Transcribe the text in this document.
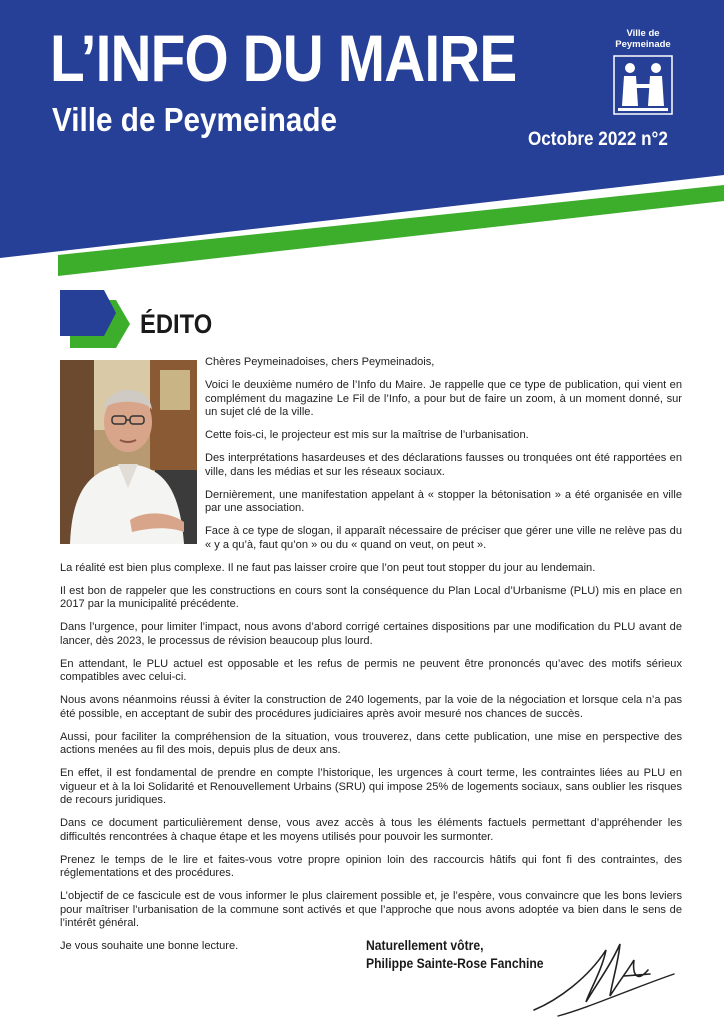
L’INFO DU MAIRE
Ville de Peymeinade
Octobre 2022 n°2
Ville de
Peymeinade
ÉDITO

Chères Peymeinadoises, chers Peymeinadois,

Voici le deuxième numéro de l’Info du Maire. Je rappelle que ce type de publication, qui vient en complément du magazine Le Fil de l’Info, a pour but de faire un zoom, à un moment donné, sur un sujet clé de la ville.

Cette fois-ci, le projecteur est mis sur la maîtrise de l’urbanisation.

Des interprétations hasardeuses et des déclarations fausses ou tronquées ont été rapportées en ville, dans les médias et sur les réseaux sociaux.

Dernièrement, une manifestation appelant à « stopper la bétonisation » a été organisée en ville par une association.

Face à ce type de slogan, il apparaît nécessaire de préciser que gérer une ville ne relève pas du « y a qu’à, faut qu’on » ou du « quand on veut, on peut ».

La réalité est bien plus complexe. Il ne faut pas laisser croire que l’on peut tout stopper du jour au lendemain.

Il est bon de rappeler que les constructions en cours sont la conséquence du Plan Local d’Urbanisme (PLU) mis en place en 2017 par la municipalité précédente.

Dans l’urgence, pour limiter l’impact, nous avons d’abord corrigé certaines dispositions par une modification du PLU avant de lancer, dès 2023, le processus de révision beaucoup plus lourd.

En attendant, le PLU actuel est opposable et les refus de permis ne peuvent être prononcés qu’avec des motifs sérieux compatibles avec celui-ci.

Nous avons néanmoins réussi à éviter la construction de 240 logements, par la voie de la négociation et lorsque cela n’a pas été possible, en acceptant de subir des procédures judiciaires après avoir mesuré nos chances de succès.

Aussi, pour faciliter la compréhension de la situation, vous trouverez, dans cette publication, une mise en perspective des actions menées au fil des mois, depuis plus de deux ans.

En effet, il est fondamental de prendre en compte l’historique, les urgences à court terme, les contraintes liées au PLU en vigueur et à la loi Solidarité et Renouvellement Urbains (SRU) qui impose 25% de logements sociaux, sans oublier les risques de recours juridiques.

Dans ce document particulièrement dense, vous avez accès à tous les éléments factuels permettant d’appréhender les difficultés rencontrées à chaque étape et les moyens utilisés pour pouvoir les surmonter.

Prenez le temps de le lire et faites-vous votre propre opinion loin des raccourcis hâtifs qui font fi des contraintes, des réglementations et des procédures.

L’objectif de ce fascicule est de vous informer le plus clairement possible et, je l’espère, vous convaincre que les bons leviers pour maîtriser l’urbanisation de la commune sont activés et que l’approche que nous avons adoptée va bien dans le sens de l’intérêt général.

Je vous souhaite une bonne lecture.	Naturellement vôtre,
Philippe Sainte-Rose Fanchine
